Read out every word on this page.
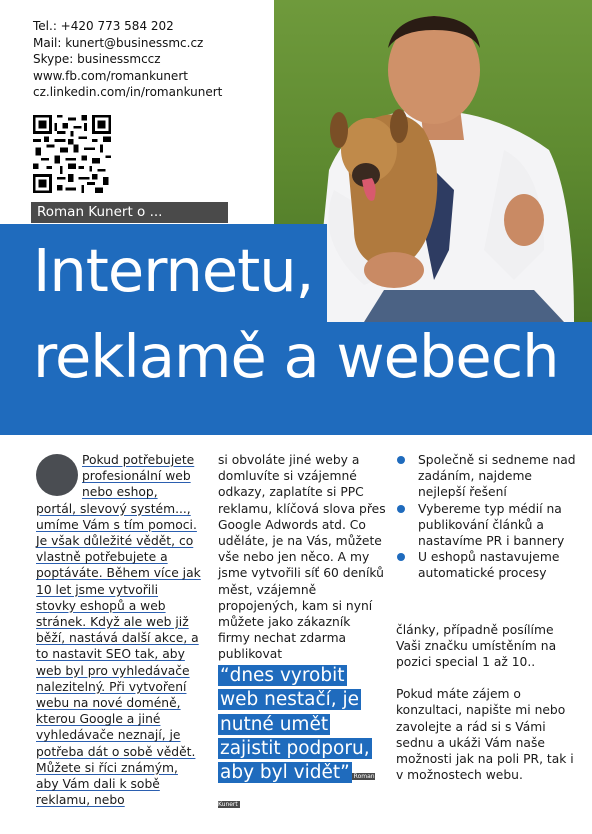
Tel.: +420 773 584 202
Mail: kunert@businessmc.cz
Skype: businessmccz
www.fb.com/romankunert
cz.linkedin.com/in/romankunert
Roman Kunert o ...
Internetu,
reklamě a webech
Pokud potřebujete profesionální web nebo eshop, portál, slevový systém..., umíme Vám s tím pomoci. Je však důležité vědět, co vlastně potřebujete a poptáváte. Během více jak 10 let jsme vytvořili stovky eshopů a web stránek. Když ale web již běží, nastává další akce, a to nastavit SEO tak, aby web byl pro vyhledávače nalezitelný. Při vytvoření webu na nové doméně, kterou Google a jiné vyhledávače neznají, je potřeba dát o sobě vědět. Můžete si říci známým, aby Vám dali k sobě reklamu, nebo
si obvoláte jiné weby a domluvíte si vzájemné odkazy, zaplatíte si PPC reklamu, klíčová slova přes Google Adwords atd. Co uděláte, je na Vás, můžete vše nebo jen něco. A my jsme vytvořili síť 60 deníků měst, vzájemně propojených, kam si nyní můžete jako zákazník firmy nechat zdarma publikovat
“dnes vyrobit web nestačí, je nutné umět zajistit podporu, aby byl vidět” Roman Kunert
Společně si sedneme nad zadáním, najdeme nejlepší řešení
Vybereme typ médií na publikování článků a nastavíme PR i bannery
U eshopů nastavujeme automatické procesy

články, případně posílíme Vaši značku umístěním na pozici special 1 až 10..

Pokud máte zájem o konzultaci, napište mi nebo zavolejte a rád si s Vámi sednu a ukáži Vám naše možnosti jak na poli PR, tak i v možnostech webu.
